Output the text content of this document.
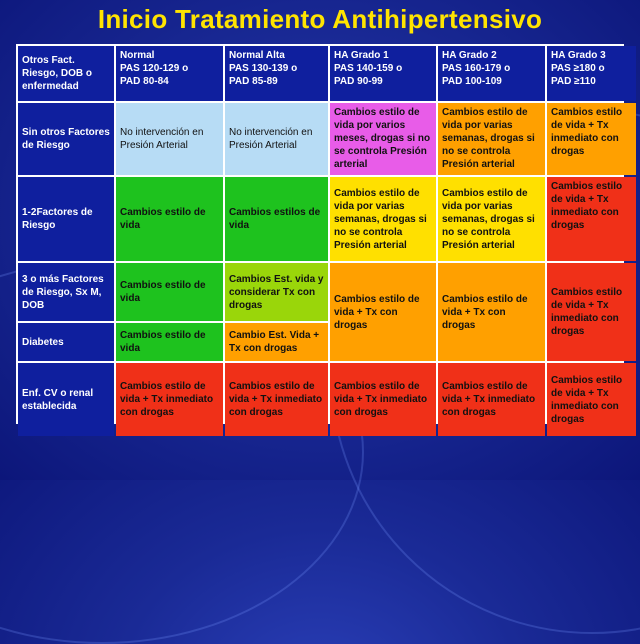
Inicio Tratamiento Antihipertensivo
Otros Fact. Riesgo, DOB o enfermedad
Normal
PAS 120-129 o
PAD 80-84
Normal Alta
PAS 130-139 o
PAD 85-89
HA Grado 1
PAS 140-159 o
PAD 90-99
HA Grado 2
PAS 160-179 o
PAD 100-109
HA Grado 3
PAS ≥180 o
PAD ≥110
Sin otros Factores de Riesgo
No intervención en Presión Arterial
No intervención en Presión Arterial
Cambios estilo de vida por varios meses, drogas si no se controla Presión arterial
Cambios estilo de vida por varias semanas, drogas si no se controla Presión arterial
Cambios estilo de vida + Tx inmediato con drogas
1-2Factores de Riesgo
Cambios estilo de vida
Cambios estilos de vida
Cambios estilo de vida por varias semanas, drogas si no se controla Presión arterial
Cambios estilo de vida por varias semanas, drogas si no se controla Presión arterial
Cambios estilo de vida + Tx inmediato con drogas
3 o más Factores de Riesgo, Sx M, DOB
Cambios estilo de vida
Cambios Est. vida y considerar Tx con drogas
Cambios estilo de vida + Tx con drogas
Cambios estilo de vida + Tx con drogas
Cambios estilo de vida + Tx inmediato con drogas
Diabetes
Cambios estilo de vida
Cambio Est. Vida + Tx con drogas
Enf. CV o renal establecida
Cambios estilo de vida + Tx inmediato con drogas
Cambios estilo de vida + Tx inmediato con drogas
Cambios estilo de vida + Tx inmediato con drogas
Cambios estilo de vida + Tx inmediato con drogas
Cambios estilo de vida + Tx inmediato con drogas
